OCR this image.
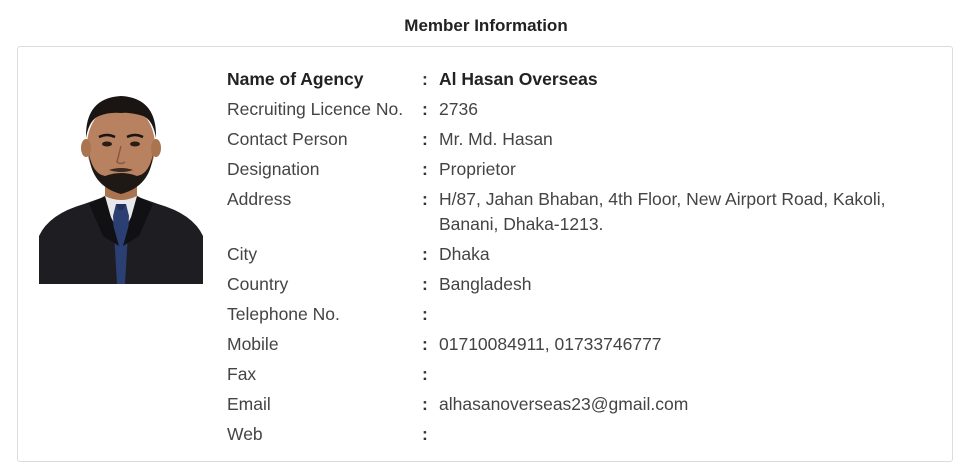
Member Information
Name of Agency	: Al Hasan Overseas
Recruiting Licence No.	: 2736
Contact Person	: Mr. Md. Hasan
Designation	: Proprietor
Address	: H/87, Jahan Bhaban, 4th Floor, New Airport Road, Kakoli, Banani, Dhaka-1213.
City	: Dhaka
Country	: Bangladesh
Telephone No.	:
Mobile	: 01710084911, 01733746777
Fax	:
Email	: alhasanoverseas23@gmail.com
Web	:
